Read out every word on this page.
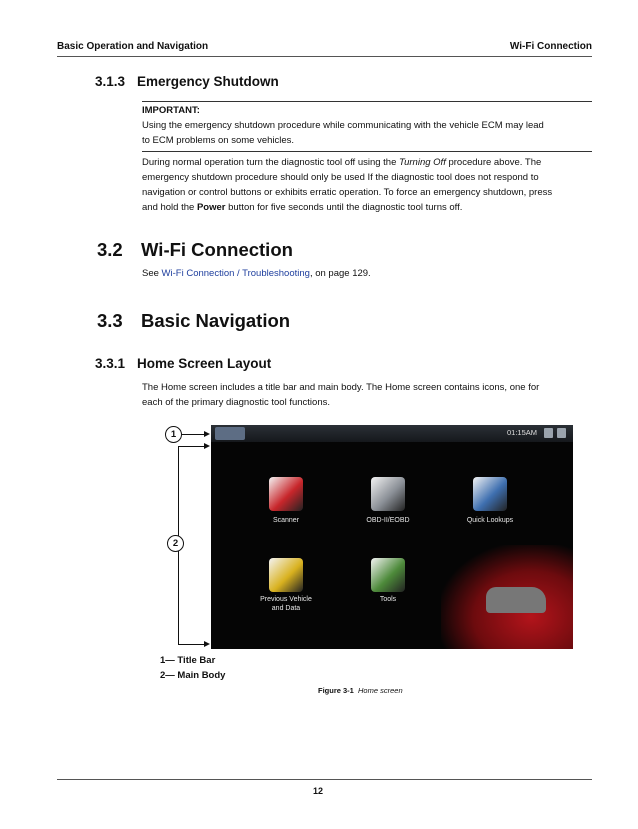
Basic Operation and Navigation	Wi-Fi Connection
3.1.3 Emergency Shutdown
IMPORTANT:
Using the emergency shutdown procedure while communicating with the vehicle ECM may lead
to ECM problems on some vehicles.
During normal operation turn the diagnostic tool off using the Turning Off procedure above. The
emergency shutdown procedure should only be used If the diagnostic tool does not respond to
navigation or control buttons or exhibits erratic operation. To force an emergency shutdown, press
and hold the Power button for five seconds until the diagnostic tool turns off.
3.2 Wi-Fi Connection
See Wi-Fi Connection / Troubleshooting, on page 129.
3.3 Basic Navigation
3.3.1 Home Screen Layout
The Home screen includes a title bar and main body. The Home screen contains icons, one for
each of the primary diagnostic tool functions.
1
2
01:15AM
Scanner	OBD-II/EOBD	Quick Lookups
Previous Vehicle
and Data
Tools
1— Title Bar
2— Main Body
Figure 3-1 Home screen
12
